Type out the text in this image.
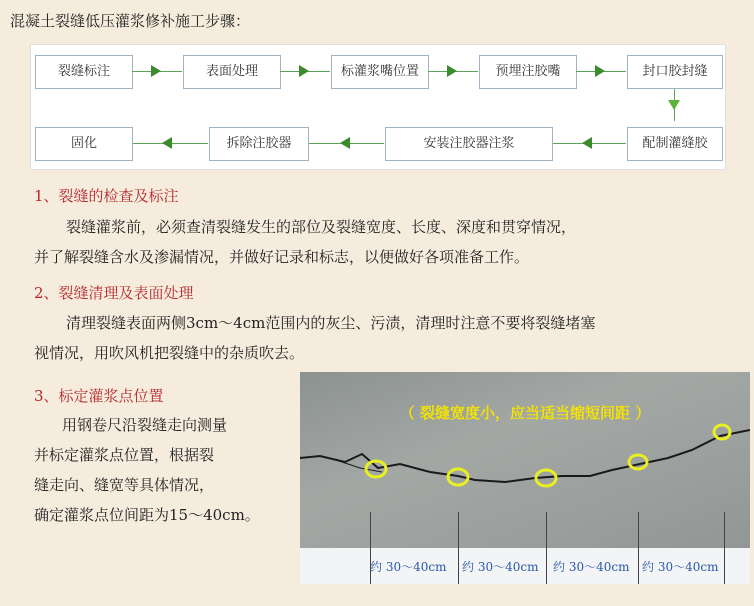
混凝土裂缝低压灌浆修补施工步骤：
裂缝标注	表面处理	标灌浆嘴位置	预埋注胶嘴	封口胶封缝
配制灌缝胶
安装注胶器注浆
拆除注胶器
固化
1、裂缝的检查及标注
裂缝灌浆前，必须查清裂缝发生的部位及裂缝宽度、长度、深度和贯穿情况，
并了解裂缝含水及渗漏情况，并做好记录和标志，以便做好各项准备工作。
2、裂缝清理及表面处理
清理裂缝表面两侧3cm～4cm范围内的灰尘、污渍，清理时注意不要将裂缝堵塞
视情况，用吹风机把裂缝中的杂质吹去。
3、标定灌浆点位置
用钢卷尺沿裂缝走向测量
并标定灌浆点位置，根据裂
缝走向、缝宽等具体情况，
确定灌浆点位间距为15～40cm。
（ 裂缝宽度小，应当适当缩短间距 ）
约 30～40cm 约 30～40cm 约 30～40cm 约 30～40cm
